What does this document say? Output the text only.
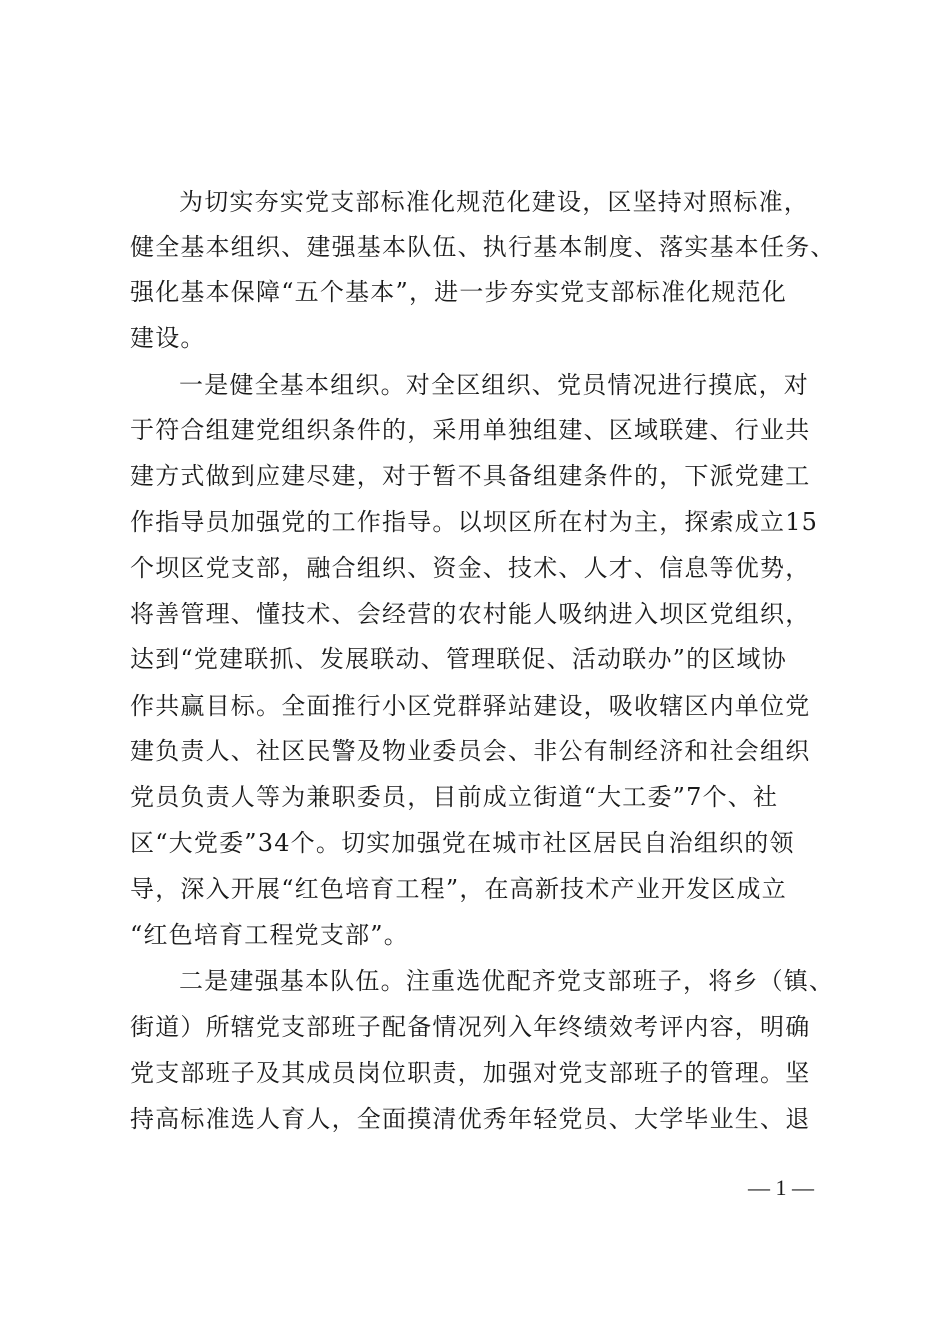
为切实夯实党支部标准化规范化建设，区坚持对照标准，
健全基本组织、建强基本队伍、执行基本制度、落实基本任务、
强化基本保障“五个基本”，进一步夯实党支部标准化规范化
建设。
一是健全基本组织。对全区组织、党员情况进行摸底，对
于符合组建党组织条件的，采用单独组建、区域联建、行业共
建方式做到应建尽建，对于暂不具备组建条件的，下派党建工
作指导员加强党的工作指导。以坝区所在村为主，探索成立15
个坝区党支部，融合组织、资金、技术、人才、信息等优势，
将善管理、懂技术、会经营的农村能人吸纳进入坝区党组织，
达到“党建联抓、发展联动、管理联促、活动联办”的区域协
作共赢目标。全面推行小区党群驿站建设，吸收辖区内单位党
建负责人、社区民警及物业委员会、非公有制经济和社会组织
党员负责人等为兼职委员，目前成立街道“大工委”7个、社
区“大党委”34个。切实加强党在城市社区居民自治组织的领
导，深入开展“红色培育工程”，在高新技术产业开发区成立
“红色培育工程党支部”。
二是建强基本队伍。注重选优配齐党支部班子，将乡（镇、
街道）所辖党支部班子配备情况列入年终绩效考评内容，明确
党支部班子及其成员岗位职责，加强对党支部班子的管理。坚
持高标准选人育人，全面摸清优秀年轻党员、大学毕业生、退
— 1 —
